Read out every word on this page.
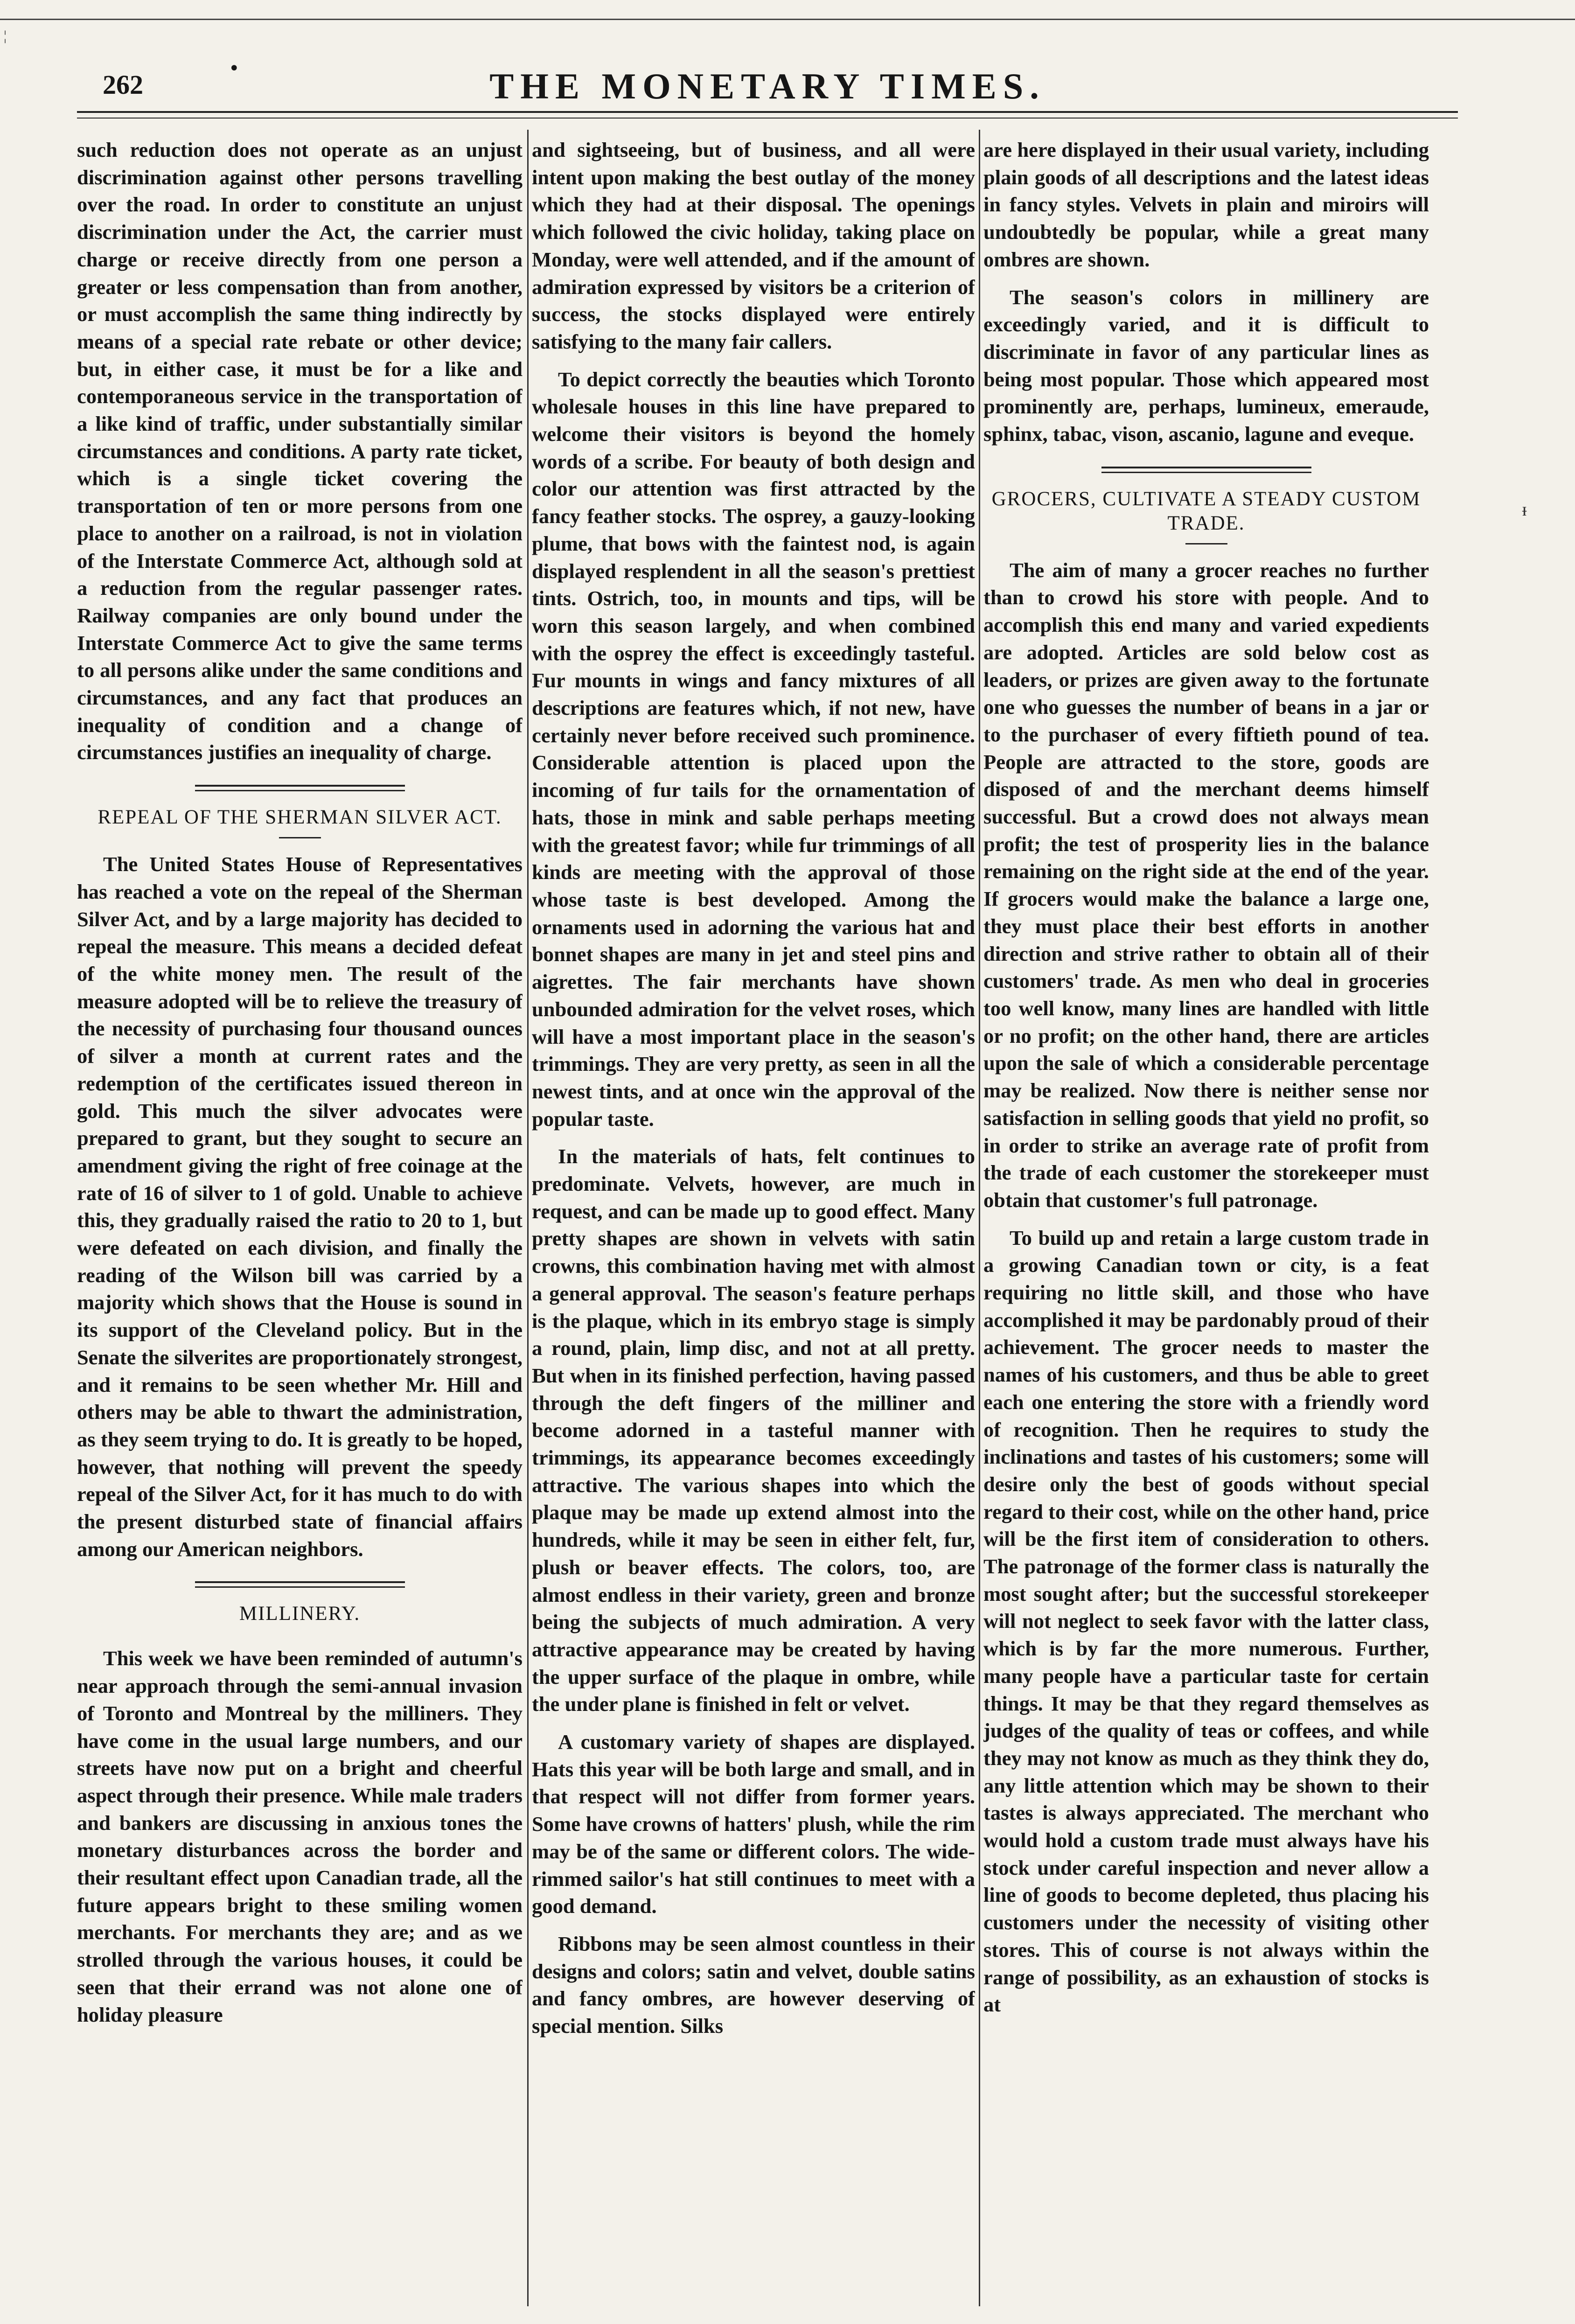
262
•	THE MONETARY TIMES.

such reduction does not operate as an unjust discrimination against other persons travelling over the road. In order to constitute an unjust discrimination under the Act, the carrier must charge or receive directly from one person a greater or less compensation than from another, or must accomplish the same thing indirectly by means of a special rate rebate or other device; but, in either case, it must be for a like and contemporaneous service in the transportation of a like kind of traffic, under substantially similar circumstances and conditions. A party rate ticket, which is a single ticket covering the transportation of ten or more persons from one place to another on a railroad, is not in violation of the Interstate Commerce Act, although sold at a reduction from the regular passenger rates. Railway companies are only bound under the Interstate Commerce Act to give the same terms to all persons alike under the same conditions and circumstances, and any fact that produces an inequality of condition and a change of circumstances justifies an inequality of charge.

REPEAL OF THE SHERMAN SILVER ACT.

The United States House of Representatives has reached a vote on the repeal of the Sherman Silver Act, and by a large majority has decided to repeal the measure. This means a decided defeat of the white money men. The result of the measure adopted will be to relieve the treasury of the necessity of purchasing four thousand ounces of silver a month at current rates and the redemption of the certificates issued thereon in gold. This much the silver advocates were prepared to grant, but they sought to secure an amendment giving the right of free coinage at the rate of 16 of silver to 1 of gold. Unable to achieve this, they gradually raised the ratio to 20 to 1, but were defeated on each division, and finally the reading of the Wilson bill was carried by a majority which shows that the House is sound in its support of the Cleveland policy. But in the Senate the silverites are proportionately strongest, and it remains to be seen whether Mr. Hill and others may be able to thwart the administration, as they seem trying to do. It is greatly to be hoped, however, that nothing will prevent the speedy repeal of the Silver Act, for it has much to do with the present disturbed state of financial affairs among our American neighbors.

MILLINERY.

This week we have been reminded of autumn's near approach through the semi-annual invasion of Toronto and Montreal by the milliners. They have come in the usual large numbers, and our streets have now put on a bright and cheerful aspect through their presence. While male traders and bankers are discussing in anxious tones the monetary disturbances across the border and their resultant effect upon Canadian trade, all the future appears bright to these smiling women merchants. For merchants they are; and as we strolled through the various houses, it could be seen that their errand was not alone one of holiday pleasure

and sightseeing, but of business, and all were intent upon making the best outlay of the money which they had at their disposal. The openings which followed the civic holiday, taking place on Monday, were well attended, and if the amount of admiration expressed by visitors be a criterion of success, the stocks displayed were entirely satisfying to the many fair callers.

To depict correctly the beauties which Toronto wholesale houses in this line have prepared to welcome their visitors is beyond the homely words of a scribe. For beauty of both design and color our attention was first attracted by the fancy feather stocks. The osprey, a gauzy-looking plume, that bows with the faintest nod, is again displayed resplendent in all the season's prettiest tints. Ostrich, too, in mounts and tips, will be worn this season largely, and when combined with the osprey the effect is exceedingly tasteful. Fur mounts in wings and fancy mixtures of all descriptions are features which, if not new, have certainly never before received such prominence. Considerable attention is placed upon the incoming of fur tails for the ornamentation of hats, those in mink and sable perhaps meeting with the greatest favor; while fur trimmings of all kinds are meeting with the approval of those whose taste is best developed. Among the ornaments used in adorning the various hat and bonnet shapes are many in jet and steel pins and aigrettes. The fair merchants have shown unbounded admiration for the velvet roses, which will have a most important place in the season's trimmings. They are very pretty, as seen in all the newest tints, and at once win the approval of the popular taste.

In the materials of hats, felt continues to predominate. Velvets, however, are much in request, and can be made up to good effect. Many pretty shapes are shown in velvets with satin crowns, this combination having met with almost a general approval. The season's feature perhaps is the plaque, which in its embryo stage is simply a round, plain, limp disc, and not at all pretty. But when in its finished perfection, having passed through the deft fingers of the milliner and become adorned in a tasteful manner with trimmings, its appearance becomes exceedingly attractive. The various shapes into which the plaque may be made up extend almost into the hundreds, while it may be seen in either felt, fur, plush or beaver effects. The colors, too, are almost endless in their variety, green and bronze being the subjects of much admiration. A very attractive appearance may be created by having the upper surface of the plaque in ombre, while the under plane is finished in felt or velvet.

A customary variety of shapes are displayed. Hats this year will be both large and small, and in that respect will not differ from former years. Some have crowns of hatters' plush, while the rim may be of the same or different colors. The wide-rimmed sailor's hat still continues to meet with a good demand.

Ribbons may be seen almost countless in their designs and colors; satin and velvet, double satins and fancy ombres, are however deserving of special mention. Silks

are here displayed in their usual variety, including plain goods of all descriptions and the latest ideas in fancy styles. Velvets in plain and miroirs will undoubtedly be popular, while a great many ombres are shown.

The season's colors in millinery are exceedingly varied, and it is difficult to discriminate in favor of any particular lines as being most popular. Those which appeared most prominently are, perhaps, lumineux, emeraude, sphinx, tabac, vison, ascanio, lagune and eveque.

GROCERS, CULTIVATE A STEADY CUSTOM TRADE.

The aim of many a grocer reaches no further than to crowd his store with people. And to accomplish this end many and varied expedients are adopted. Articles are sold below cost as leaders, or prizes are given away to the fortunate one who guesses the number of beans in a jar or to the purchaser of every fiftieth pound of tea. People are attracted to the store, goods are disposed of and the merchant deems himself successful. But a crowd does not always mean profit; the test of prosperity lies in the balance remaining on the right side at the end of the year. If grocers would make the balance a large one, they must place their best efforts in another direction and strive rather to obtain all of their customers' trade. As men who deal in groceries too well know, many lines are handled with little or no profit; on the other hand, there are articles upon the sale of which a considerable percentage may be realized. Now there is neither sense nor satisfaction in selling goods that yield no profit, so in order to strike an average rate of profit from the trade of each customer the storekeeper must obtain that customer's full patronage.

To build up and retain a large custom trade in a growing Canadian town or city, is a feat requiring no little skill, and those who have accomplished it may be pardonably proud of their achievement. The grocer needs to master the names of his customers, and thus be able to greet each one entering the store with a friendly word of recognition. Then he requires to study the inclinations and tastes of his customers; some will desire only the best of goods without special regard to their cost, while on the other hand, price will be the first item of consideration to others. The patronage of the former class is naturally the most sought after; but the successful storekeeper will not neglect to seek favor with the latter class, which is by far the more numerous. Further, many people have a particular taste for certain things. It may be that they regard themselves as judges of the quality of teas or coffees, and while they may not know as much as they think they do, any little attention which may be shown to their tastes is always appreciated. The merchant who would hold a custom trade must always have his stock under careful inspection and never allow a line of goods to become depleted, thus placing his customers under the necessity of visiting other stores. This of course is not always within the range of possibility, as an exhaustion of stocks is at

ᵻ
¦
